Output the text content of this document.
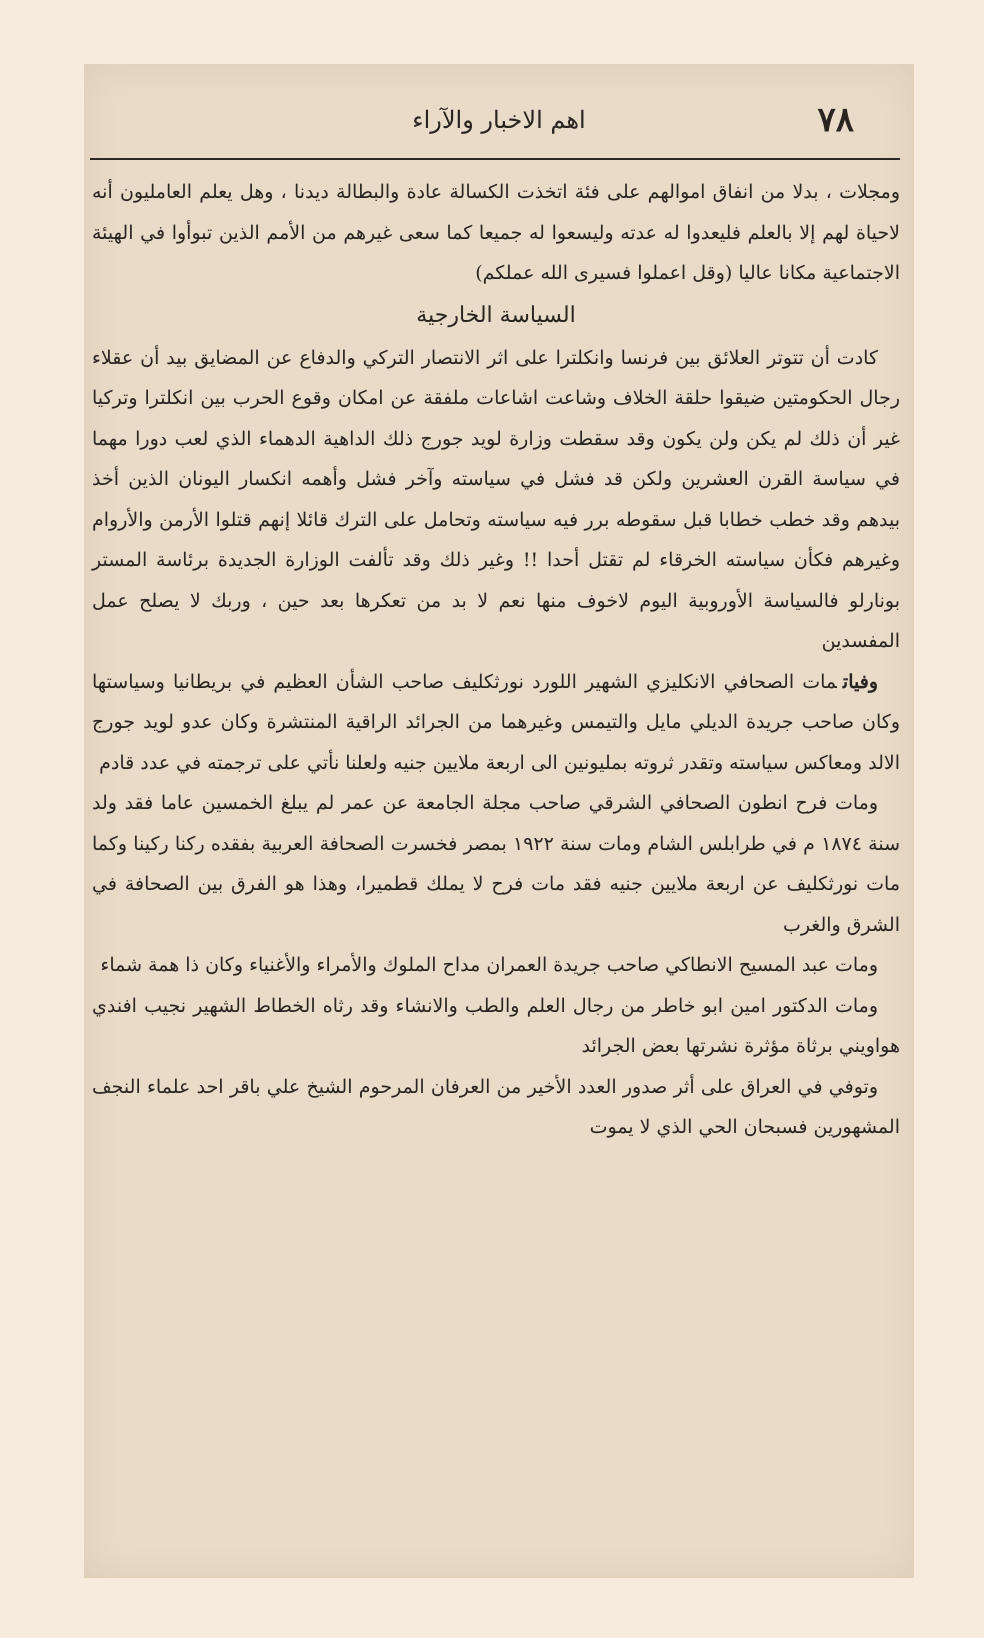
٧٨
اهم الاخبار والآراء

ومجلات ، بدلا من انفاق اموالهم على فئة اتخذت الكسالة عادة والبطالة ديدنا ، وهل يعلم العامليون أنه لاحياة لهم إلا بالعلم فليعدوا له عدته وليسعوا له جميعا كما سعى غيرهم من الأمم الذين تبوأوا في الهيئة الاجتماعية مكانا عاليا (وقل اعملوا فسيرى الله عملكم)

السياسة الخارجية

كادت أن تتوتر العلائق بين فرنسا وانكلترا على اثر الانتصار التركي والدفاع عن المضايق بيد أن عقلاء رجال الحكومتين ضيقوا حلقة الخلاف وشاعت اشاعات ملفقة عن امكان وقوع الحرب بين انكلترا وتركيا غير أن ذلك لم يكن ولن يكون وقد سقطت وزارة لويد جورج ذلك الداهية الدهماء الذي لعب دورا مهما في سياسة القرن العشرين ولكن قد فشل في سياسته وآخر فشل وأهمه انكسار اليونان الذين أخذ بيدهم وقد خطب خطابا قبل سقوطه برر فيه سياسته وتحامل على الترك قائلا إنهم قتلوا الأرمن والأروام وغيرهم فكأن سياسته الخرقاء لم تقتل أحدا !! وغير ذلك وقد تألفت الوزارة الجديدة برئاسة المستر بونارلو فالسياسة الأوروبية اليوم لاخوف منها نعم لا بد من تعكرها بعد حين ، وربك لا يصلح عمل المفسدين

وفياتمات الصحافي الانكليزي الشهير اللورد نورثكليف صاحب الشأن العظيم في بريطانيا وسياستها وكان صاحب جريدة الديلي مايل والتيمس وغيرهما من الجرائد الراقية المنتشرة وكان عدو لويد جورج الالد ومعاكس سياسته وتقدر ثروته بمليونين الى اربعة ملايين جنيه ولعلنا نأتي على ترجمته في عدد قادم

ومات فرح انطون الصحافي الشرقي صاحب مجلة الجامعة عن عمر لم يبلغ الخمسين عاما فقد ولد سنة ١٨٧٤ م في طرابلس الشام ومات سنة ١٩٢٢ بمصر فخسرت الصحافة العربية بفقده ركنا ركينا وكما مات نورثكليف عن اربعة ملايين جنيه فقد مات فرح لا يملك قطميرا، وهذا هو الفرق بين الصحافة في الشرق والغرب

ومات عبد المسيح الانطاكي صاحب جريدة العمران مداح الملوك والأمراء والأغنياء وكان ذا همة شماء

ومات الدكتور امين ابو خاطر من رجال العلم والطب والانشاء وقد رثاه الخطاط الشهير نجيب افندي هواويني برثاة مؤثرة نشرتها بعض الجرائد

وتوفي في العراق على أثر صدور العدد الأخير من العرفان المرحوم الشيخ علي باقر احد علماء النجف المشهورين فسبحان الحي الذي لا يموت
